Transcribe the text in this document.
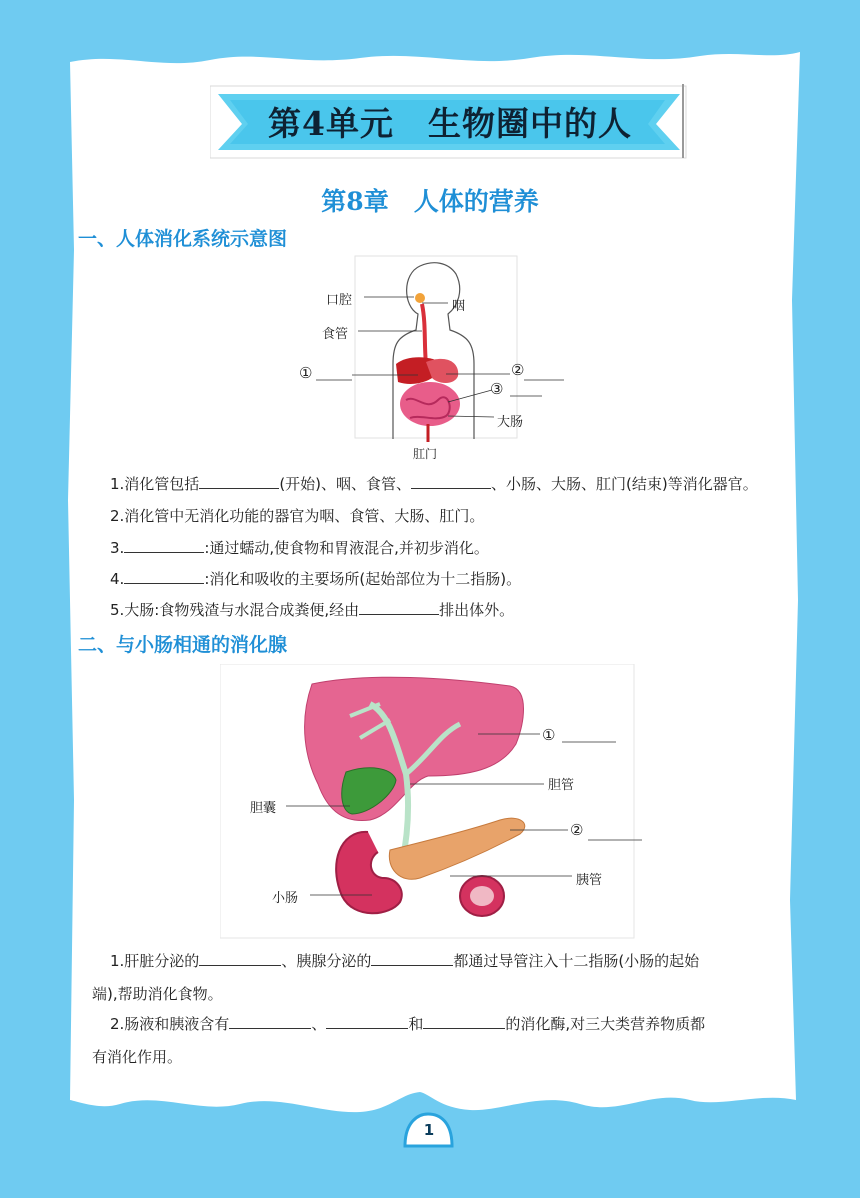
第4单元　生物圈中的人
第8章　人体的营养
一、人体消化系统示意图
口腔	咽
食管
①	②
③
大肠
肛门
1.消化管包括	(开始)、咽、食管、	、小肠、大肠、肛门(结束)等消化器官。
2.消化管中无消化功能的器官为咽、食管、大肠、肛门。
3.	:通过蠕动,使食物和胃液混合,并初步消化。
4.	:消化和吸收的主要场所(起始部位为十二指肠)。
5.大肠:食物残渣与水混合成粪便,经由	排出体外。
二、与小肠相通的消化腺
①
胆管
胆囊
②
胰管
小肠
1.肝脏分泌的	、胰腺分泌的	都通过导管注入十二指肠(小肠的起始
端),帮助消化食物。
2.肠液和胰液含有	、	和	的消化酶,对三大类营养物质都
有消化作用。
1
